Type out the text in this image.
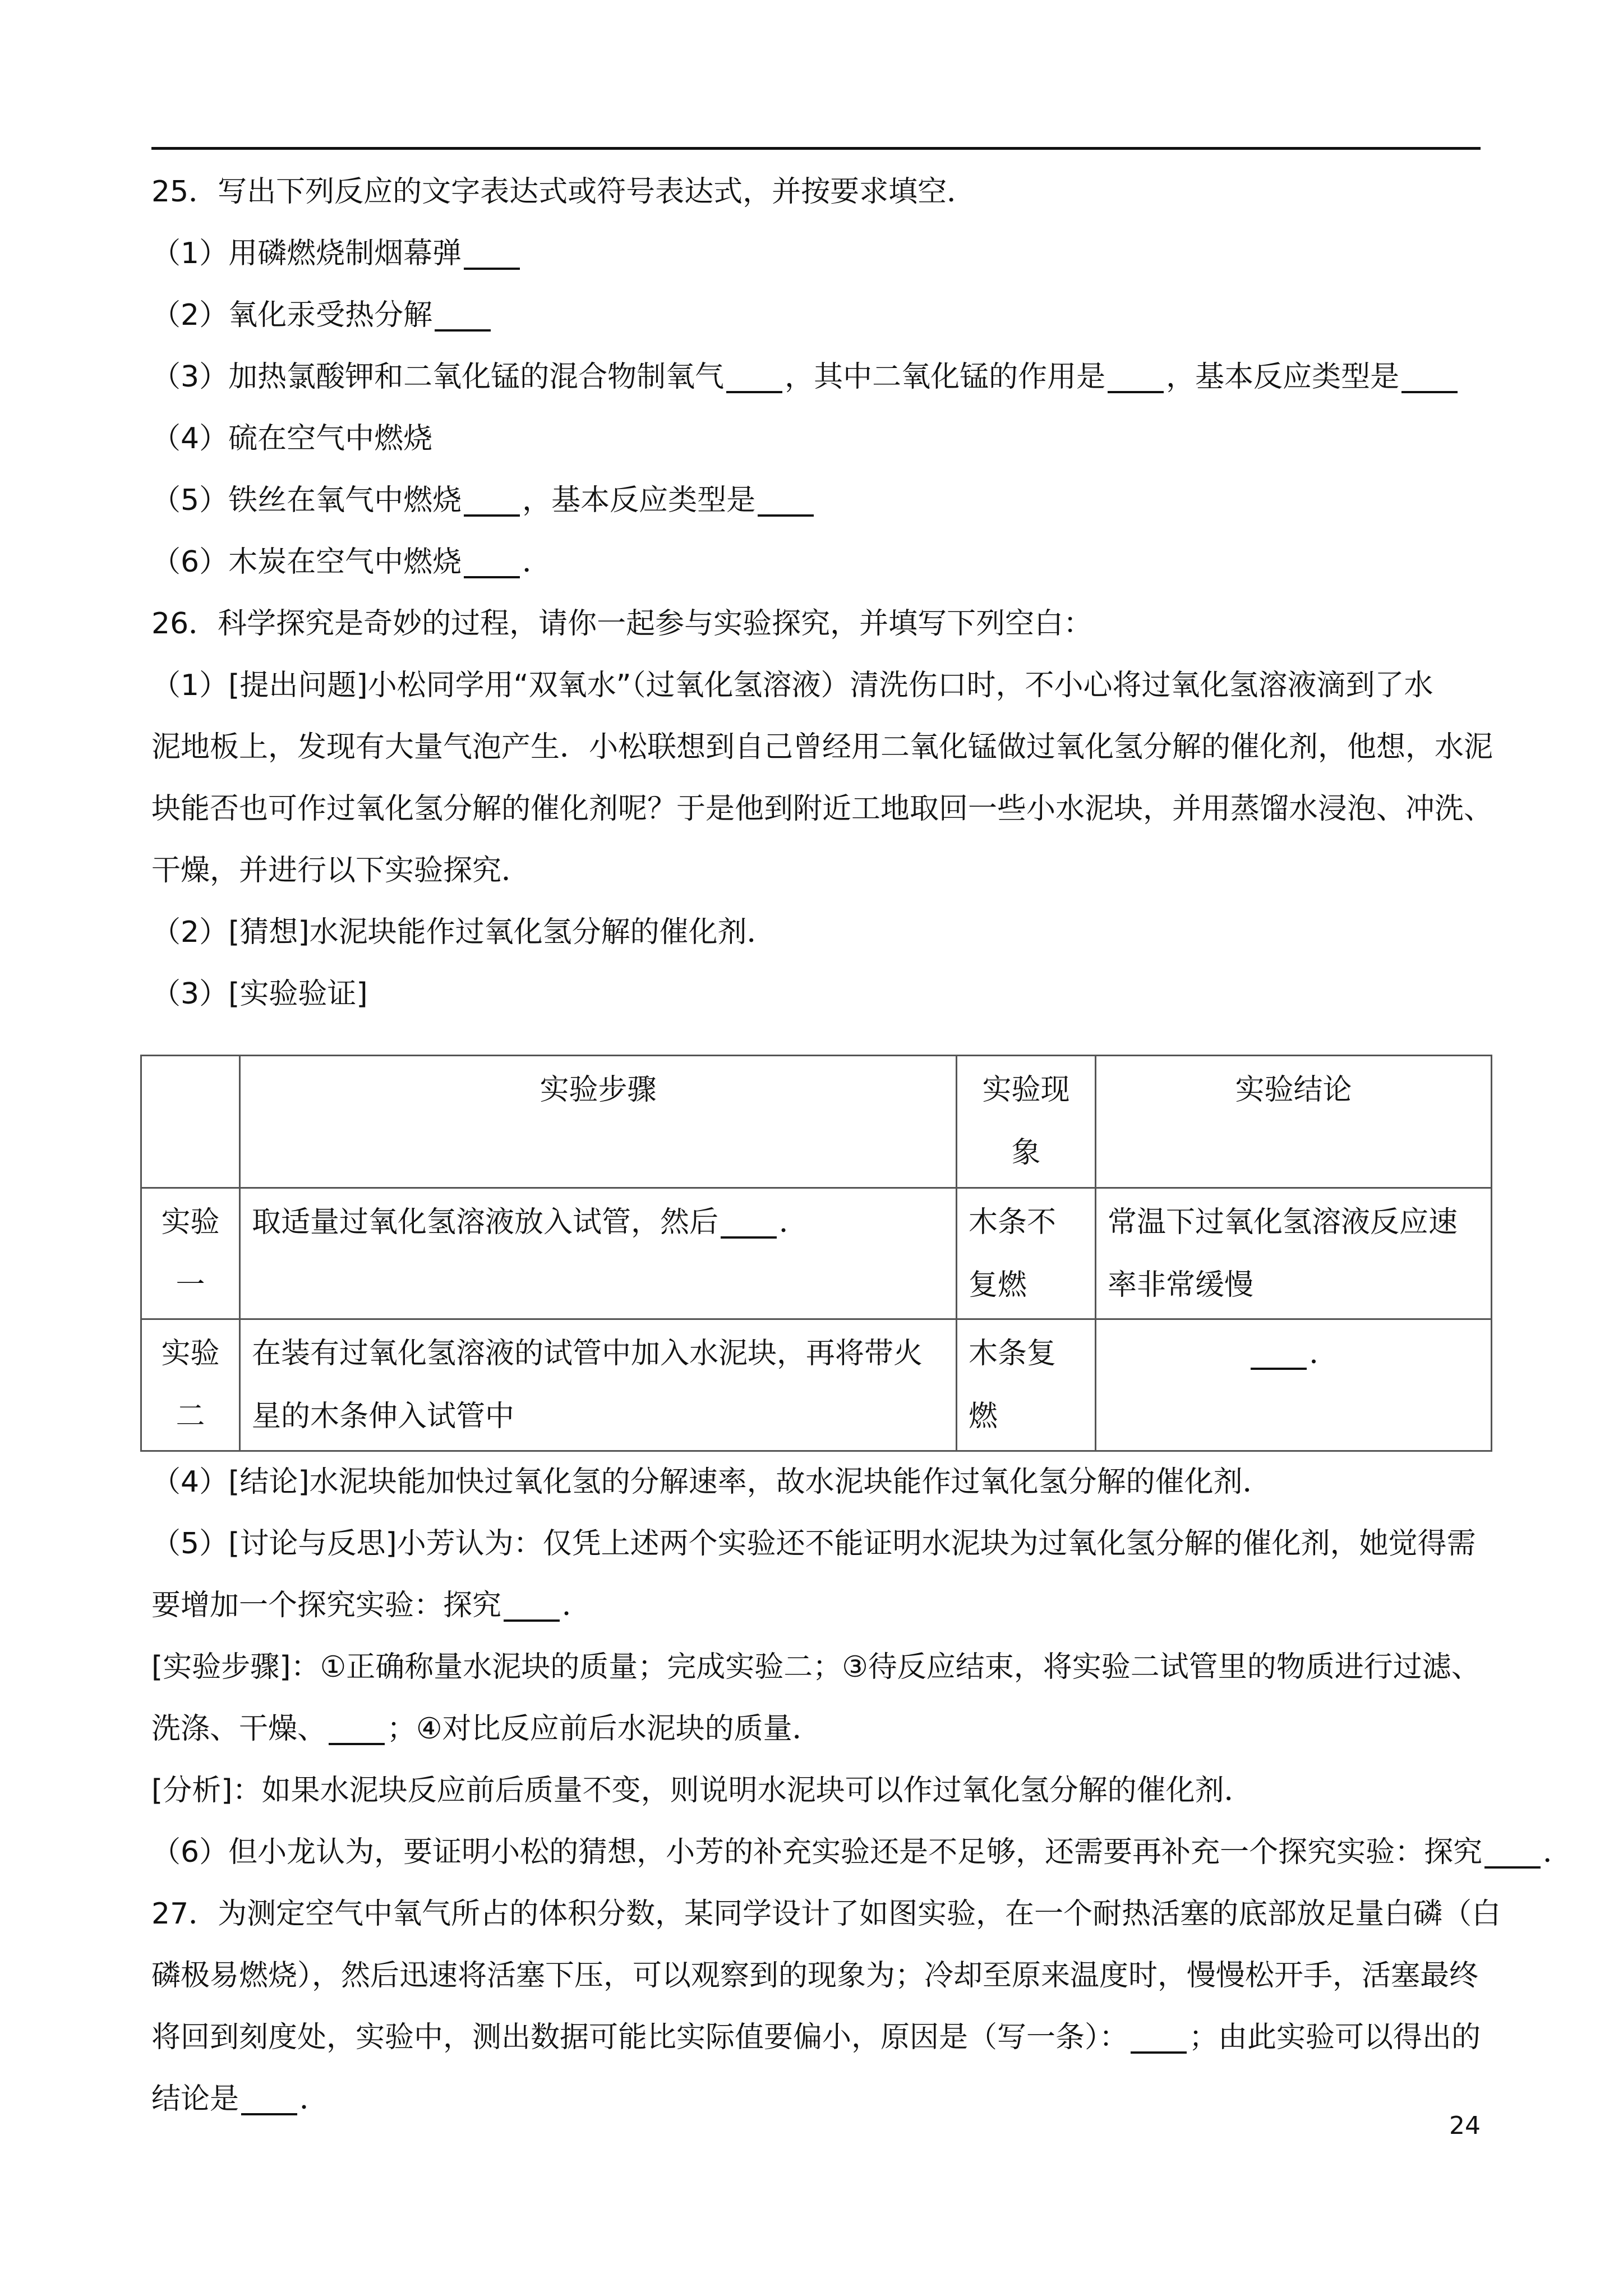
25．写出下列反应的文字表达式或符号表达式，并按要求填空．
（1）用磷燃烧制烟幕弹
（2）氧化汞受热分解
（3）加热氯酸钾和二氧化锰的混合物制氧气 ，其中二氧化锰的作用是 ，基本反应类型是
（4）硫在空气中燃烧
（5）铁丝在氧气中燃烧 ，基本反应类型是
（6）木炭在空气中燃烧 ．
26．科学探究是奇妙的过程，请你一起参与实验探究，并填写下列空白：
（1）[提出问题]小松同学用“双氧水”（过氧化氢溶液）清洗伤口时，不小心将过氧化氢溶液滴到了水
泥地板上，发现有大量气泡产生．小松联想到自己曾经用二氧化锰做过氧化氢分解的催化剂，他想，水泥
块能否也可作过氧化氢分解的催化剂呢？于是他到附近工地取回一些小水泥块，并用蒸馏水浸泡、冲洗、
干燥，并进行以下实验探究．
（2）[猜想]水泥块能作过氧化氢分解的催化剂．
（3）[实验验证]
	实验步骤	实验现象	实验结论
实验一	取适量过氧化氢溶液放入试管，然后 ．	木条不复燃	常温下过氧化氢溶液反应速率非常缓慢
实验二	在装有过氧化氢溶液的试管中加入水泥块，再将带火星的木条伸入试管中	木条复燃	．
（4）[结论]水泥块能加快过氧化氢的分解速率，故水泥块能作过氧化氢分解的催化剂．
（5）[讨论与反思]小芳认为：仅凭上述两个实验还不能证明水泥块为过氧化氢分解的催化剂，她觉得需
要增加一个探究实验：探究 ．
[实验步骤]：①正确称量水泥块的质量；完成实验二；③待反应结束，将实验二试管里的物质进行过滤、
洗涤、干燥、 ；④对比反应前后水泥块的质量．
[分析]：如果水泥块反应前后质量不变，则说明水泥块可以作过氧化氢分解的催化剂．
（6）但小龙认为，要证明小松的猜想，小芳的补充实验还是不足够，还需要再补充一个探究实验：探究 ．
27．为测定空气中氧气所占的体积分数，某同学设计了如图实验，在一个耐热活塞的底部放足量白磷（白
磷极易燃烧），然后迅速将活塞下压，可以观察到的现象为；冷却至原来温度时，慢慢松开手，活塞最终
将回到刻度处，实验中，测出数据可能比实际值要偏小，原因是（写一条）： ；由此实验可以得出的
结论是 ．
24
